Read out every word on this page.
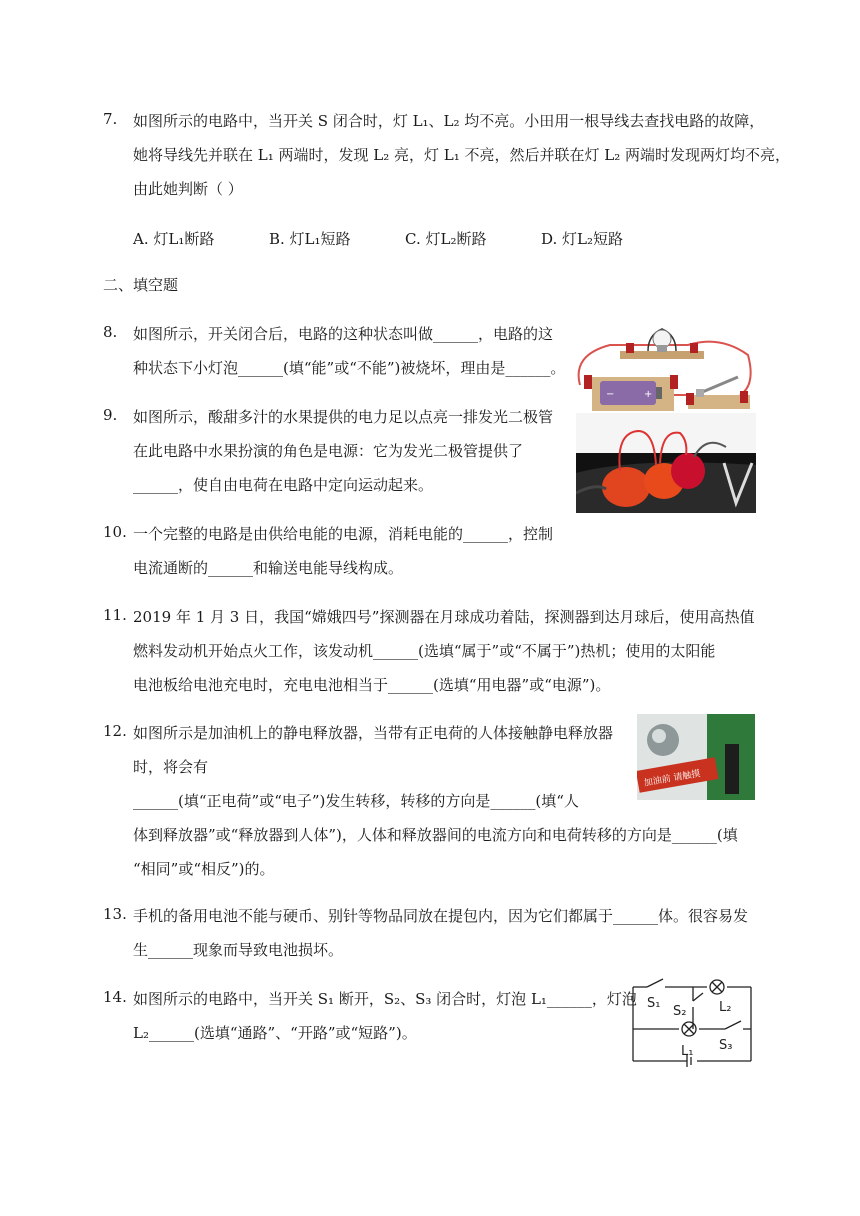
7.	如图所示的电路中，当开关 S 闭合时，灯 L₁、L₂ 均不亮。小田用一根导线去查找电路的故障，
她将导线先并联在 L₁ 两端时，发现 L₂ 亮，灯 L₁ 不亮，然后并联在灯 L₂ 两端时发现两灯均不亮，
由此她判断（ ）
A. 灯L₁断路	B. 灯L₁短路	C. 灯L₂断路	D. 灯L₂短路
二、填空题
8.	如图所示，开关闭合后，电路的这种状态叫做______，电路的这
种状态下小灯泡______(填“能”或“不能”)被烧坏，理由是______。
−	+
9.	如图所示，酸甜多汁的水果提供的电力足以点亮一排发光二极管
在此电路中水果扮演的角色是电源：它为发光二极管提供了
______，使自由电荷在电路中定向运动起来。
10. 一个完整的电路是由供给电能的电源，消耗电能的______，控制
电流通断的______和输送电能导线构成。
11. 2019 年 1 月 3 日，我国“嫦娥四号”探测器在月球成功着陆，探测器到达月球后，使用高热值
燃料发动机开始点火工作，该发动机______(选填“属于”或“不属于”)热机；使用的太阳能
电池板给电池充电时，充电电池相当于______(选填“用电器”或“电源”)。
12. 如图所示是加油机上的静电释放器，当带有正电荷的人体接触静电释放器
时，将会有
______(填“正电荷”或“电子”)发生转移，转移的方向是______(填“人
体到释放器”或“释放器到人体”)，人体和释放器间的电流方向和电荷转移的方向是______(填
“相同”或“相反”)的。
加油前 请触摸
13. 手机的备用电池不能与硬币、别针等物品同放在提包内，因为它们都属于______体。很容易发
生______现象而导致电池损坏。
14. 如图所示的电路中，当开关 S₁ 断开，S₂、S₃ 闭合时，灯泡 L₁______，灯泡
L₂______(选填“通路”、“开路”或“短路”)。
S₁
S₂	L₂
L₁ S₃
